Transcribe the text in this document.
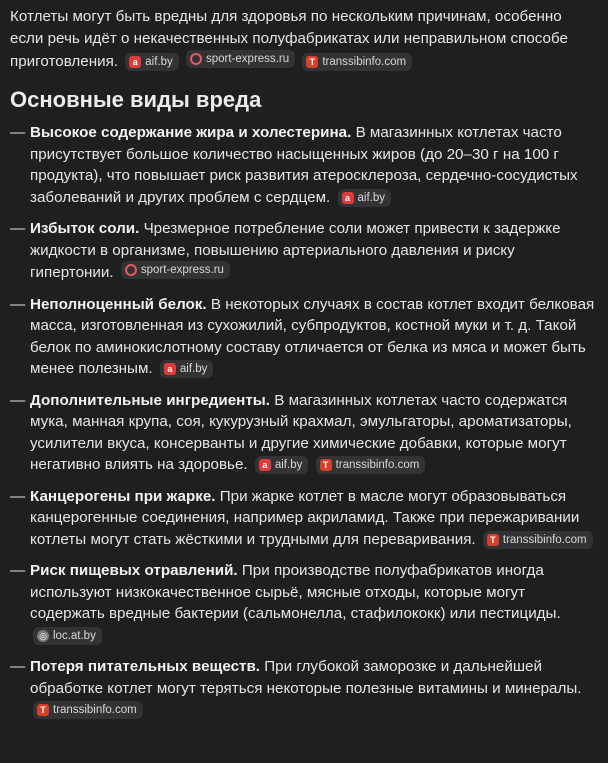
Котлеты могут быть вредны для здоровья по нескольким причинам, особенно если речь идёт о некачественных полуфабрикатах или неправильном способе приготовления.	a aif.by
	sport-express.ru
	T transsibinfo.com

Основные виды вреда
— Высокое содержание жира и холестерина. В магазинных котлетах часто присутствует большое количество насыщенных жиров (до 20–30 г на 100 г продукта), что повышает риск развития атеросклероза, сердечно-сосудистых заболеваний и других проблем с сердцем.	a aif.by
— Избыток соли. Чрезмерное потребление соли может привести к задержке жидкости в организме, повышению артериального давления и риску гипертонии. sport-express.ru
— Неполноценный белок. В некоторых случаях в состав котлет входит белковая масса, изготовленная из сухожилий, субпродуктов, костной муки и т. д. Такой белок по аминокислотному составу отличается от белка из мяса и может быть менее полезным.	a aif.by
— Дополнительные ингредиенты. В магазинных котлетах часто содержатся мука, манная крупа, соя, кукурузный крахмал, эмульгаторы, ароматизаторы, усилители вкуса, консерванты и другие химические добавки, которые могут негативно влиять на здоровье.	a aif.by
	T transsibinfo.com
— Канцерогены при жарке. При жарке котлет в масле могут образовываться канцерогенные соединения, например акриламид. Также при пережаривании котлеты могут стать жёсткими и трудными для переваривания.	T transsibinfo.com
— Риск пищевых отравлений. При производстве полуфабрикатов иногда используют низкокачественное сырьё, мясные отходы, которые могут содержать вредные бактерии (сальмонелла, стафилококк) или пестициды.
◎ loc.at.by
— Потеря питательных веществ. При глубокой заморозке и дальнейшей обработке котлет могут теряться некоторые полезные витамины и минералы.
T transsibinfo.com
